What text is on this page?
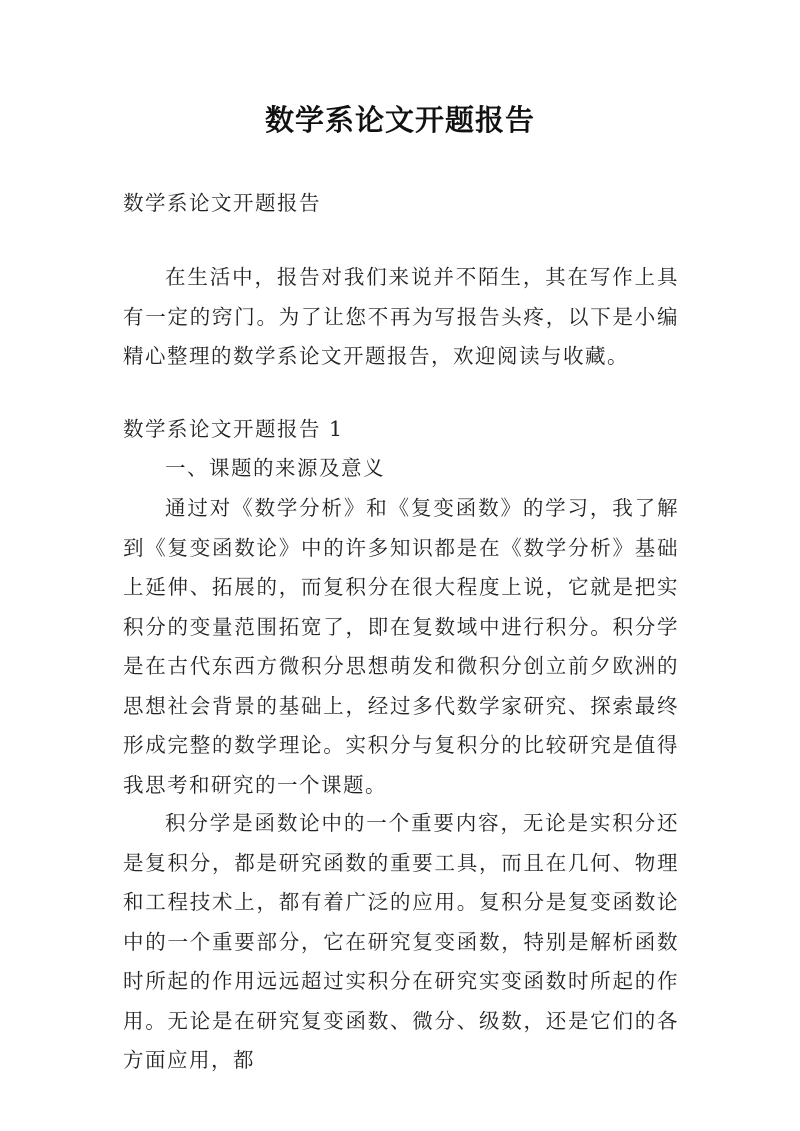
数学系论文开题报告

数学系论文开题报告

在生活中，报告对我们来说并不陌生，其在写作上具有一定的窍门。为了让您不再为写报告头疼，以下是小编精心整理的数学系论文开题报告，欢迎阅读与收藏。

数学系论文开题报告 1

一、课题的来源及意义

通过对《数学分析》和《复变函数》的学习，我了解到《复变函数论》中的许多知识都是在《数学分析》基础上延伸、拓展的，而复积分在很大程度上说，它就是把实积分的变量范围拓宽了，即在复数域中进行积分。积分学是在古代东西方微积分思想萌发和微积分创立前夕欧洲的思想社会背景的基础上，经过多代数学家研究、探索最终形成完整的数学理论。实积分与复积分的比较研究是值得我思考和研究的一个课题。

积分学是函数论中的一个重要内容，无论是实积分还是复积分，都是研究函数的重要工具，而且在几何、物理和工程技术上，都有着广泛的应用。复积分是复变函数论中的一个重要部分，它在研究复变函数，特别是解析函数时所起的作用远远超过实积分在研究实变函数时所起的作用。无论是在研究复变函数、微分、级数，还是它们的各方面应用，都
